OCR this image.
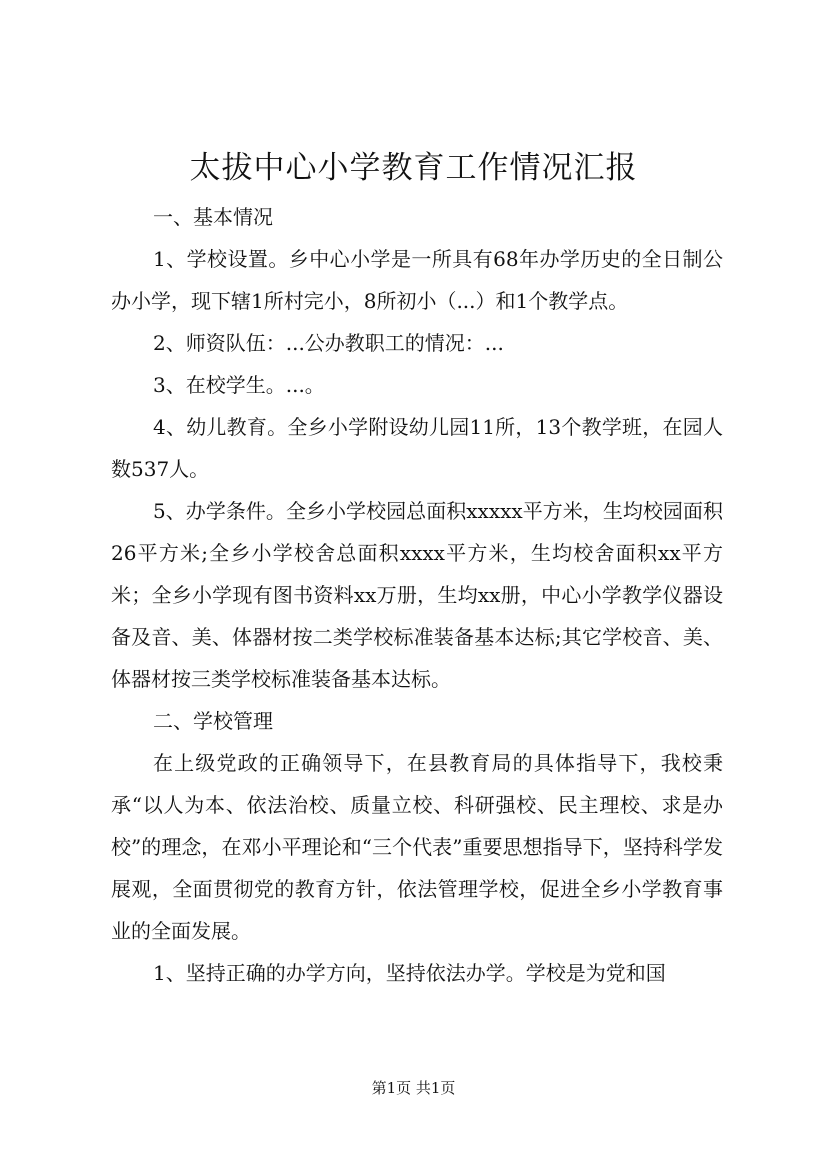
太拔中心小学教育工作情况汇报

一、基本情况

1、学校设置。乡中心小学是一所具有68年办学历史的全日制公办小学，现下辖1所村完小，8所初小（...）和1个教学点。

2、师资队伍：...公办教职工的情况：...

3、在校学生。...。

4、幼儿教育。全乡小学附设幼儿园11所，13个教学班，在园人数537人。

5、办学条件。全乡小学校园总面积xxxxx平方米，生均校园面积26平方米;全乡小学校舍总面积xxxx平方米，生均校舍面积xx平方米；全乡小学现有图书资料xx万册，生均xx册，中心小学教学仪器设备及音、美、体器材按二类学校标准装备基本达标;其它学校音、美、体器材按三类学校标准装备基本达标。

二、学校管理

在上级党政的正确领导下，在县教育局的具体指导下，我校秉承“以人为本、依法治校、质量立校、科研强校、民主理校、求是办校”的理念，在邓小平理论和“三个代表”重要思想指导下，坚持科学发展观，全面贯彻党的教育方针，依法管理学校，促进全乡小学教育事业的全面发展。

1、坚持正确的办学方向，坚持依法办学。学校是为党和国

第1页 共1页
